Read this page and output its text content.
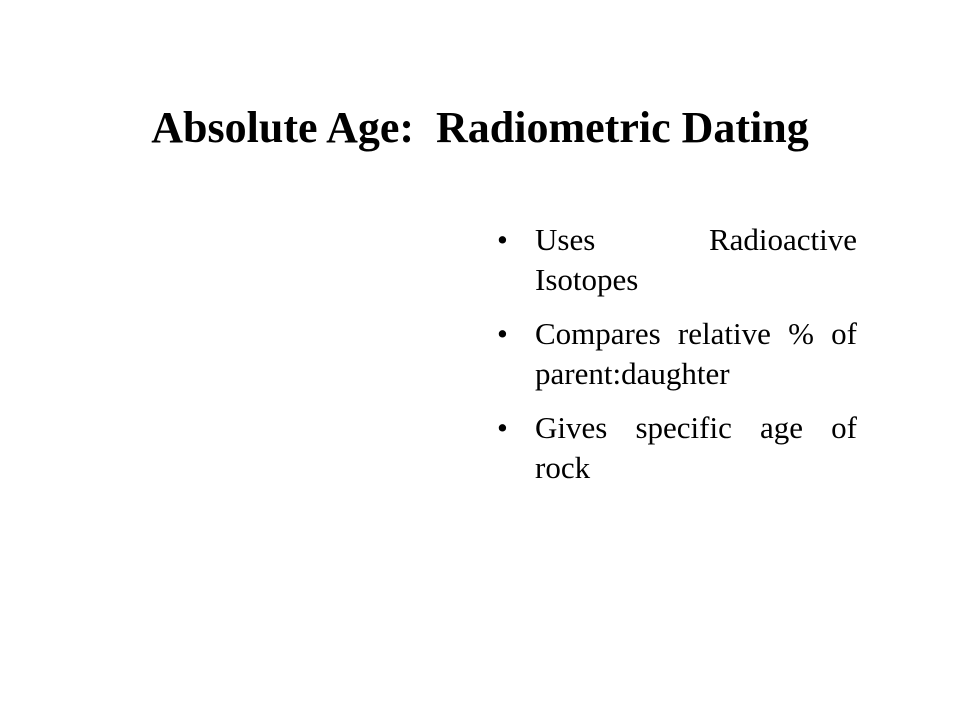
Absolute Age:  Radiometric Dating
• Uses Radioactive Isotopes
• Compares relative % of parent:daughter
• Gives specific age of rock
